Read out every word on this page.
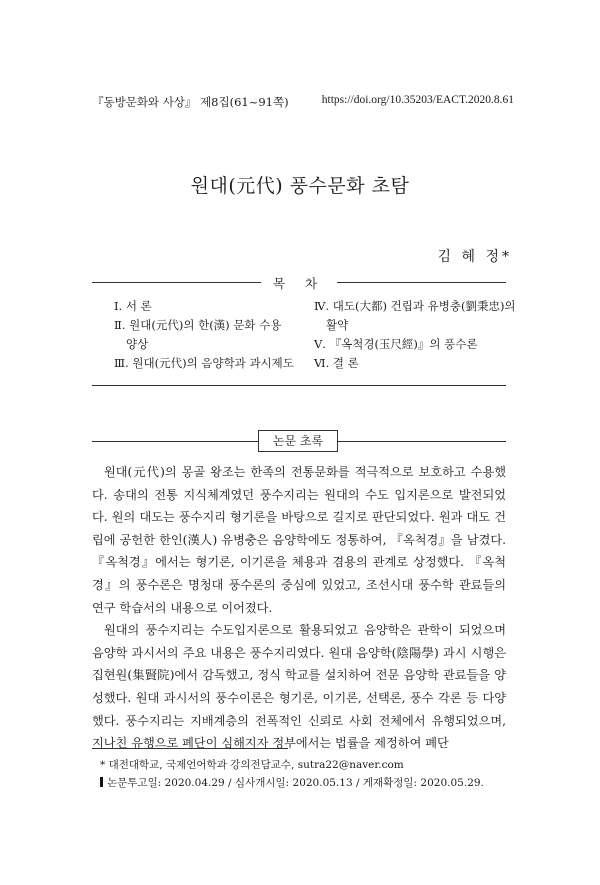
『동방문화와 사상』 제8집(61~91쪽)	https://doi.org/10.35203/EACT.2020.8.61
원대(元代) 풍수문화 초탐
김 혜 정*
목 차
Ⅰ. 서 론
Ⅱ. 원대(元代)의 한(漢) 문화 수용
양상
Ⅲ. 원대(元代)의 음양학과 과시제도
Ⅳ. 대도(大都) 건립과 유병충(劉秉忠)의
활약
Ⅴ. 『옥척경(玉尺經)』의 풍수론
Ⅵ. 결 론
논문 초록

원대(元代)의 몽골 왕조는 한족의 전통문화를 적극적으로 보호하고 수용했다. 송대의 전통 지식체계였던 풍수지리는 원대의 수도 입지론으로 발전되었다. 원의 대도는 풍수지리 형기론을 바탕으로 길지로 판단되었다. 원과 대도 건립에 공헌한 한인(漢人) 유병충은 음양학에도 정통하여, 『옥척경』을 남겼다. 『옥척경』에서는 형기론, 이기론을 체용과 겸용의 관계로 상정했다. 『옥척경』의 풍수론은 명청대 풍수론의 중심에 있었고, 조선시대 풍수학 관료들의 연구 학습서의 내용으로 이어졌다.

원대의 풍수지리는 수도입지론으로 활용되었고 음양학은 관학이 되었으며 음양학 과시서의 주요 내용은 풍수지리였다. 원대 음양학(陰陽學) 과시 시행은 집현원(集賢院)에서 감독했고, 정식 학교를 설치하여 전문 음양학 관료들을 양성했다. 원대 과시서의 풍수이론은 형기론, 이기론, 선택론, 풍수 각론 등 다양했다. 풍수지리는 지배계층의 전폭적인 신뢰로 사회 전체에서 유행되었으며, 지나친 유행으로 폐단이 심해지자 정부에서는 법률을 제정하여 폐단

* 대전대학교, 국제언어학과 강의전담교수, sutra22@naver.com
논문투고일: 2020.04.29 / 심사개시일: 2020.05.13 / 게재확정일: 2020.05.29.
